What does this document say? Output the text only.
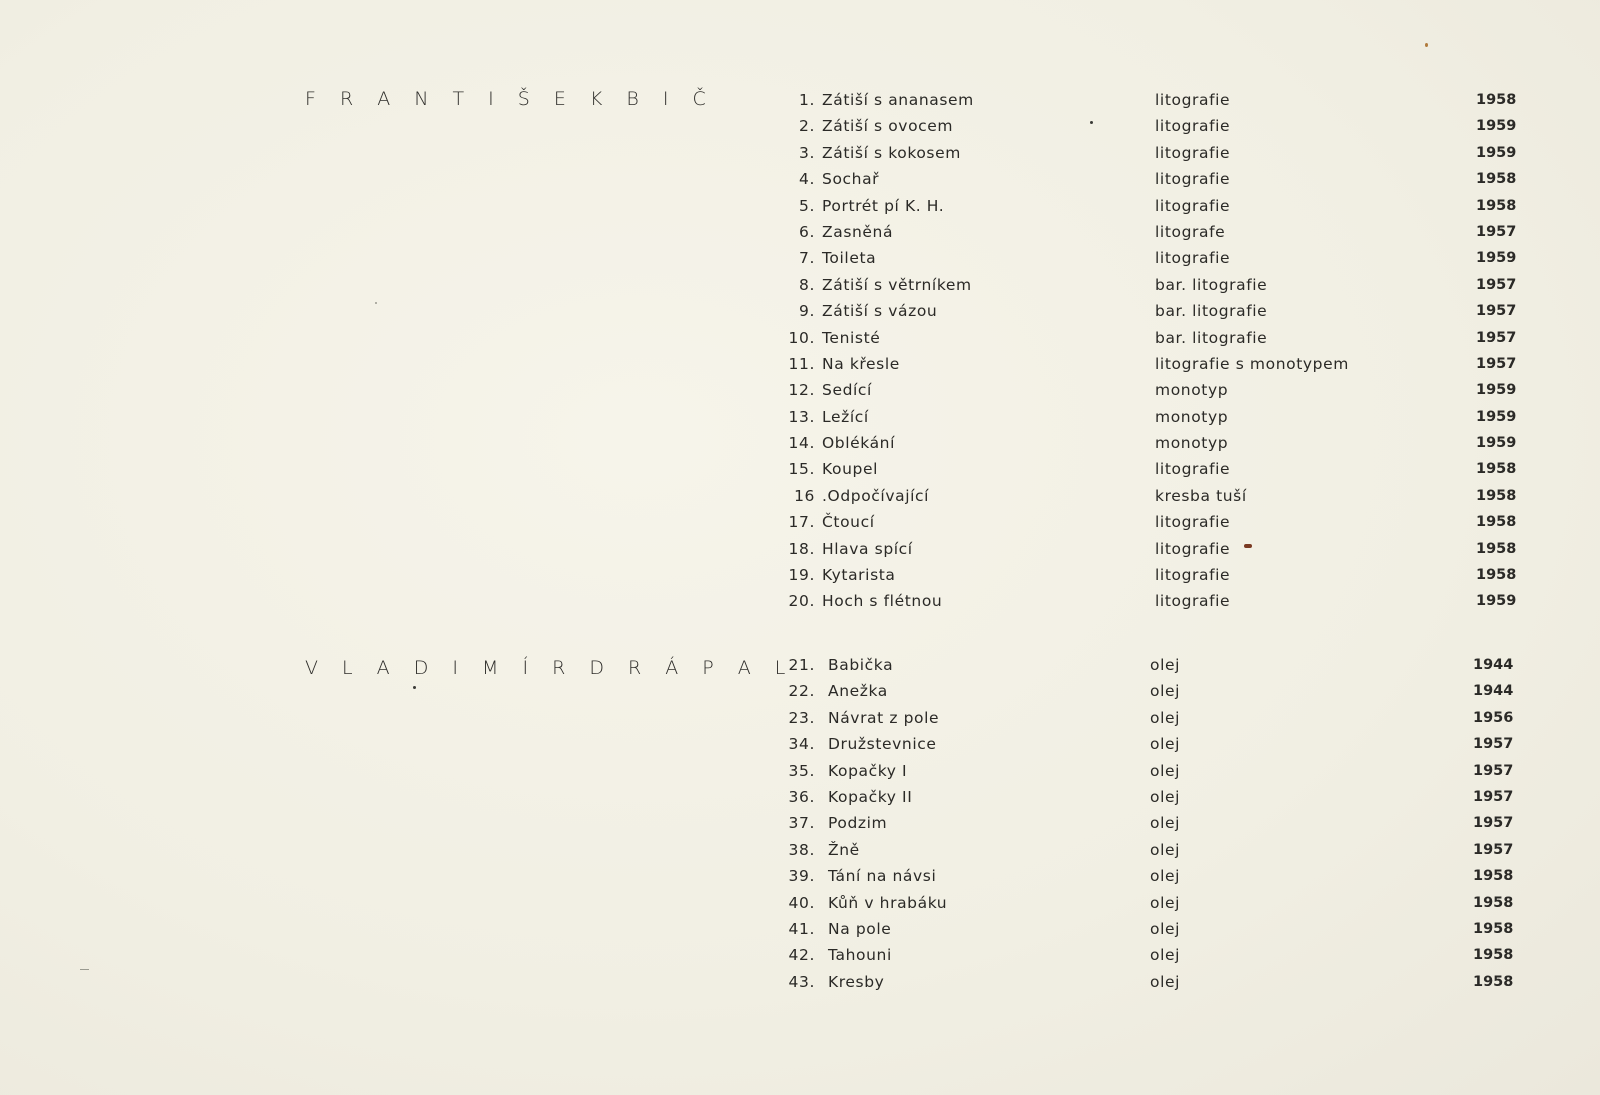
F R A N T I Š E K B I Č	1. Zátiší s ananasem	litografie	1958
2. Zátiší s ovocem	litografie	1959
3. Zátiší s kokosem	litografie	1959
4. Sochař	litografie	1958
5. Portrét pí K. H.	litografie	1958
6. Zasněná	litografe	1957
7. Toileta	litografie	1959
8. Zátiší s větrníkem	bar. litografie	1957
9. Zátiší s vázou	bar. litografie	1957
10. Tenisté	bar. litografie	1957
11. Na křesle	litografie s monotypem	1957
12. Sedící	monotyp	1959
13. Ležící	monotyp	1959
14. Oblékání	monotyp	1959
15. Koupel	litografie	1958
16 .Odpočívající	kresba tuší	1958
17. Čtoucí	litografie	1958
18. Hlava spící	litografie	1958
19. Kytarista	litografie	1958
20. Hoch s flétnou	litografie	1959
V L A D I M Í R D R Á P A L
21. Babička	olej	1944
22. Anežka	olej	1944
23. Návrat z pole	olej	1956
34. Družstevnice	olej	1957
35. Kopačky I	olej	1957
36. Kopačky II	olej	1957
37. Podzim	olej	1957
38. Žně	olej	1957
39. Tání na návsi	olej	1958
40. Kůň v hrabáku	olej	1958
41. Na pole	olej	1958
42. Tahouni	olej	1958
43. Kresby	olej	1958
